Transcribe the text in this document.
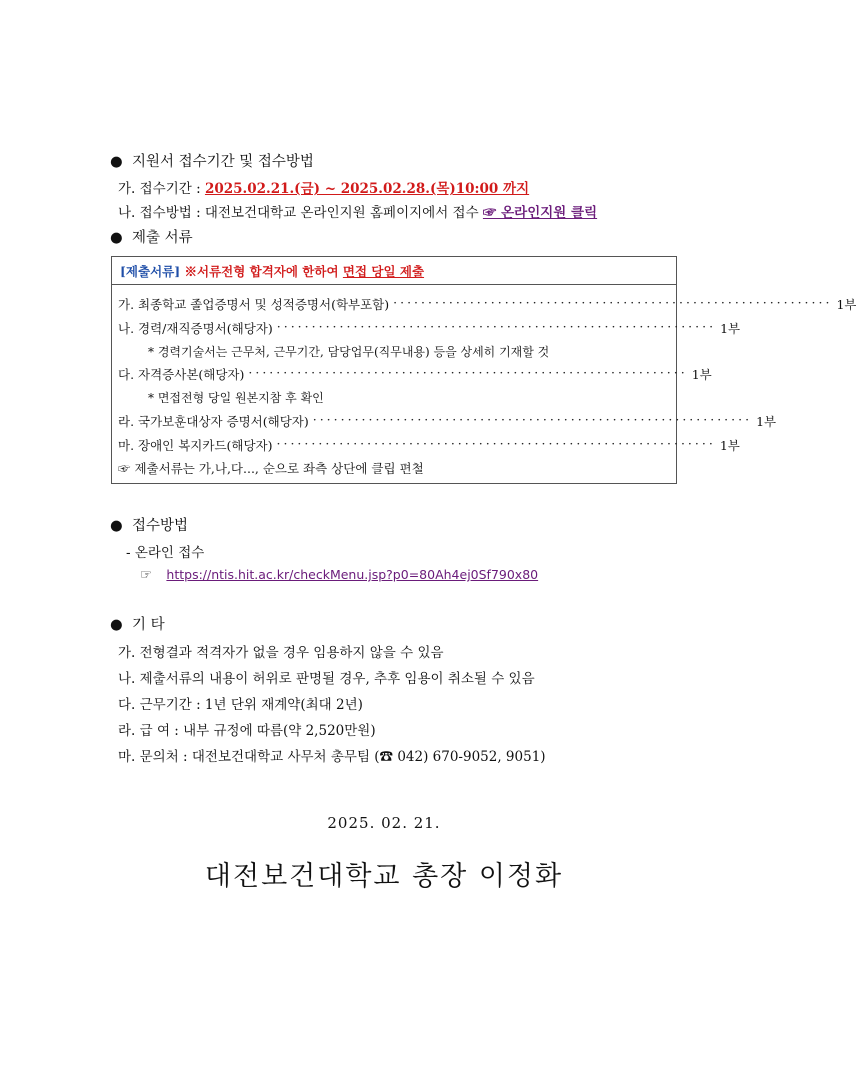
● 지원서 접수기간 및 접수방법
가. 접수기간 : 2025.02.21.(금) ~ 2025.02.28.(목)10:00 까지
나. 접수방법 : 대전보건대학교 온라인지원 홈페이지에서 접수 ☞ 온라인지원 클릭
● 제출 서류
[제출서류] ※서류전형 합격자에 한하여 면접 당일 제출
가. 최종학교 졸업증명서 및 성적증명서(학부포함) ······························································· 1부
나. 경력/재직증명서(해당자) ······························································· 1부
* 경력기술서는 근무처, 근무기간, 담당업무(직무내용) 등을 상세히 기재할 것
다. 자격증사본(해당자) ······························································· 1부
* 면접전형 당일 원본지참 후 확인
라. 국가보훈대상자 증명서(해당자) ······························································· 1부
마. 장애인 복지카드(해당자) ······························································· 1부
☞ 제출서류는 가,나,다..., 순으로 좌측 상단에 클립 편철
● 접수방법
- 온라인 접수
☞ https://ntis.hit.ac.kr/checkMenu.jsp?p0=80Ah4ej0Sf790x80
● 기 타
가. 전형결과 적격자가 없을 경우 임용하지 않을 수 있음
나. 제출서류의 내용이 허위로 판명될 경우, 추후 임용이 취소될 수 있음
다. 근무기간 : 1년 단위 재계약(최대 2년)
라. 급 여 : 내부 규정에 따름(약 2,520만원)
마. 문의처 : 대전보건대학교 사무처 총무팀 (☎ 042) 670-9052, 9051)
2025. 02. 21.
대전보건대학교 총장 이정화
